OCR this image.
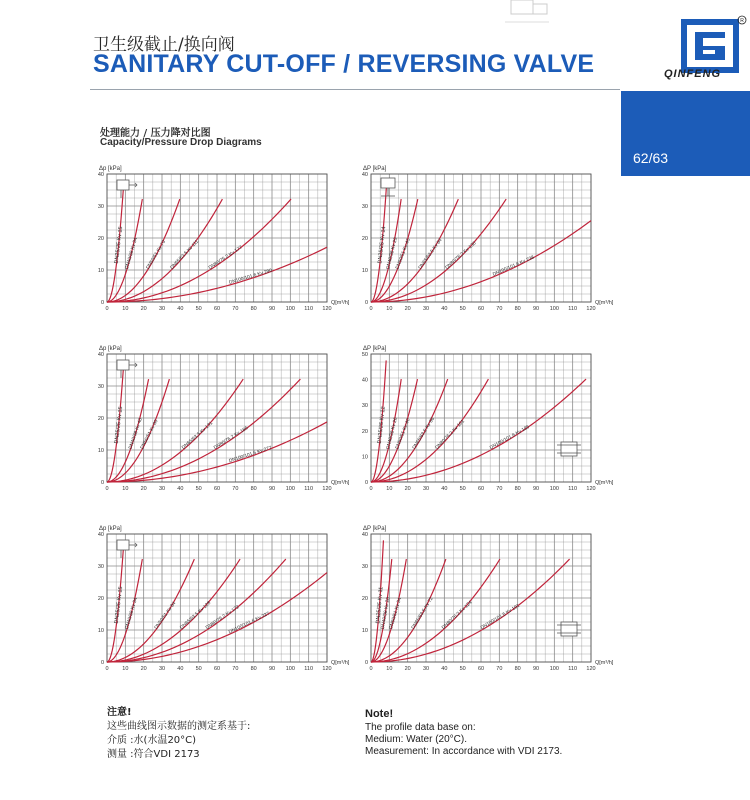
卫生级截止/换向阀
SANITARY CUT-OFF / REVERSING VALVE
R
QINFENG
62/63
处理能力 / 压力降对比图
Capacity/Pressure Drop Diagrams
0
10
20
30
40
0 10 20 30 40 50 60 70 80 90 100 110 120
Δp [kPa]
Q[m³/h]
DN25/25 Kv 15 DN40/38 Kv 34 DN50/51 Kv 70 DN65/63.5 Kv 111 DN80/76.2 Kv 177
DN100/101.6 Kv 290
0
10
20
30
40
0 10 20 30 40 50 60 70 80 90 100 110 120
ΔP [kPa]
Q[m³/h]
DN25/25 Kv 14
DN40/38 Kv 29
DN50/51 Kv 45 DN65/63.5 Kv 84 DN80/76.2 Kv 130	DN100/101.6 Kv 238
0
10
20
30
40
0 10 20 30 40 50 60 70 80 90 100 110 120
Δp [kPa]
Q[m³/h]
DN25/25 Kv 15 DN40/38 Kv 40
DN50/51 Kv 60	DN65/63.5 Kv 131 DN80/76.2 Kv 186
DN100/101.6 Kv 277
0
10
20
30
40
50
0 10 20 30 40 50 60 70 80 90 100 110 120
ΔP [kPa]
Q[m³/h]
DN25/25 Kv 12 DN40/38 Kv 26
DN50/51 Kv 40 DN65/63.5 Kv 66
DN80/76.2 Kv 101	DN100/101.6 Kv 185
0
10
20
30
40
0 10 20 30 40 50 60 70 80 90 100 110 120
Δp [kPa]
Q[m³/h]
DN25/25 Kv 15 DN40/38 Kv 34	DN50/51 Kv 84 DN65/63.5 Kv 128
DN80/76.2 Kv 172
DN100/101.6 Kv 227
0
10
20
30
40
0 10 20 30 40 50 60 70 80 90 100 110 120
ΔP [kPa]
Q[m³/h]
DN25/25 Kv 11
DN40/38 Kv 20
DN50/51 Kv 34 DN65/63.5 Kv 72 DN80/76.2 Kv 124 DN100/101.6 Kv 191
注意!
这些曲线图示数据的测定系基于:
介质 :水(水温20°C)
测量 :符合VDI 2173
Note!
The profile data base on:
Medium: Water (20°C).
Measurement: In accordance with VDI 2173.
